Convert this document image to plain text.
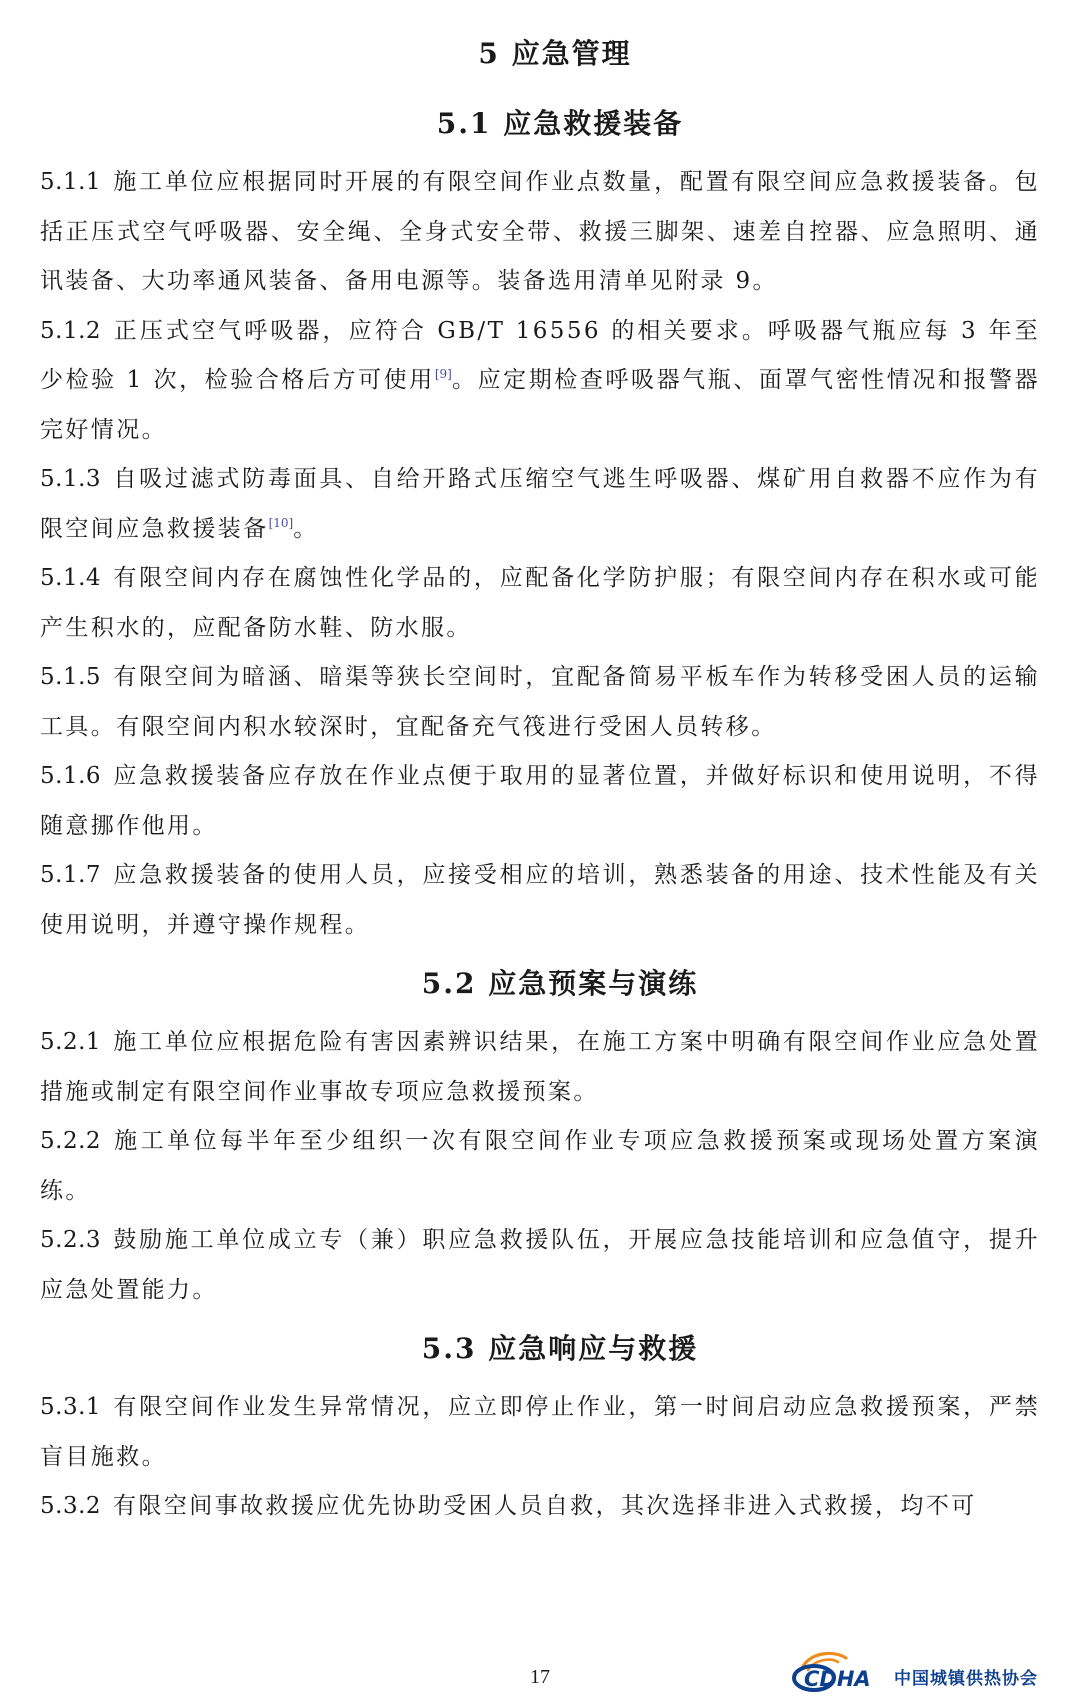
5 应急管理
5.1 应急救援装备

5.1.1 施工单位应根据同时开展的有限空间作业点数量，配置有限空间应急救援装备。包括正压式空气呼吸器、安全绳、全身式安全带、救援三脚架、速差自控器、应急照明、通讯装备、大功率通风装备、备用电源等。装备选用清单见附录 9。

5.1.2 正压式空气呼吸器，应符合 GB/T 16556 的相关要求。呼吸器气瓶应每 3 年至少检验 1 次，检验合格后方可使用[9]。应定期检查呼吸器气瓶、面罩气密性情况和报警器完好情况。

5.1.3 自吸过滤式防毒面具、自给开路式压缩空气逃生呼吸器、煤矿用自救器不应作为有限空间应急救援装备[10]。

5.1.4 有限空间内存在腐蚀性化学品的，应配备化学防护服；有限空间内存在积水或可能产生积水的，应配备防水鞋、防水服。

5.1.5 有限空间为暗涵、暗渠等狭长空间时，宜配备简易平板车作为转移受困人员的运输工具。有限空间内积水较深时，宜配备充气筏进行受困人员转移。

5.1.6 应急救援装备应存放在作业点便于取用的显著位置，并做好标识和使用说明，不得随意挪作他用。

5.1.7 应急救援装备的使用人员，应接受相应的培训，熟悉装备的用途、技术性能及有关使用说明，并遵守操作规程。

5.2 应急预案与演练

5.2.1 施工单位应根据危险有害因素辨识结果，在施工方案中明确有限空间作业应急处置措施或制定有限空间作业事故专项应急救援预案。

5.2.2 施工单位每半年至少组织一次有限空间作业专项应急救援预案或现场处置方案演练。

5.2.3 鼓励施工单位成立专（兼）职应急救援队伍，开展应急技能培训和应急值守，提升应急处置能力。

5.3 应急响应与救援

5.3.1 有限空间作业发生异常情况，应立即停止作业，第一时间启动应急救援预案，严禁盲目施救。

5.3.2 有限空间事故救援应优先协助受困人员自救，其次选择非进入式救援，均不可

17	CDHA 中国城镇供热协会
